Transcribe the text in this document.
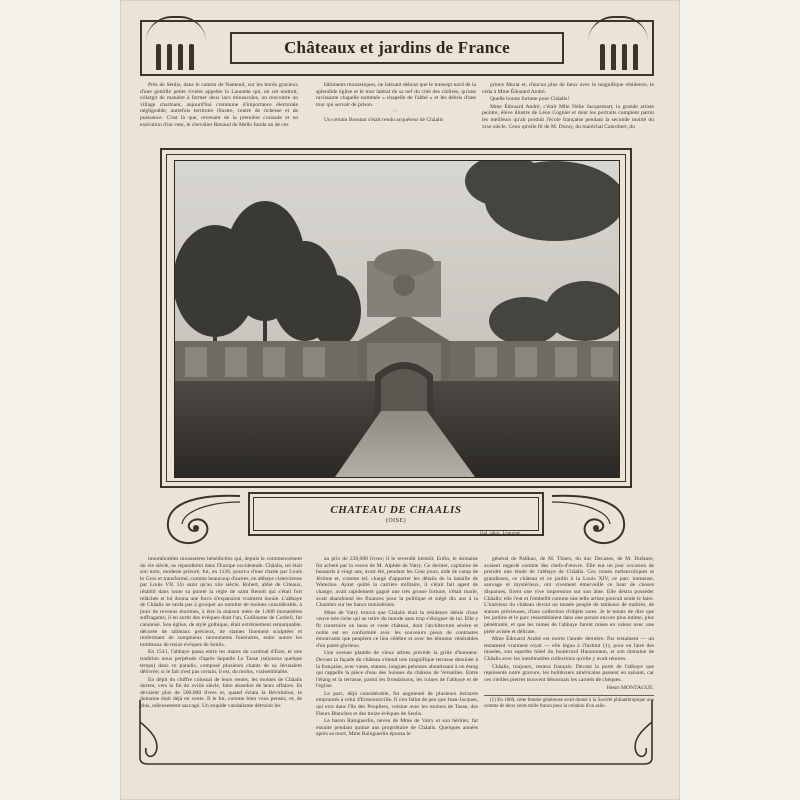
Châteaux et jardins de France

Près de Senlis, dans le canton de Nanteuil, sur les bords gracieux d'une gentille petite rivière appelée la Launette qui, en cet endroit, s'élargit de manière à former deux lacs minuscules, on rencontre un village charmant, aujourd'hui commune d'importance électorale négligeable, autrefois territoire illustre, centre de richesse et de puissance. C'est là que, revenant de la première croisade et en exécution d'un vœu, le chevalier Renaud de Mello fonda un de ces

bâtiments monastiques, ne laissant debout que le transept nord de la splendide église et le mur latéral de sa nef du côté des cloîtres, qu'une ravissante chapelle nommée « chapelle de l'abbé » et les débris d'une tour qui servait de prison.

∴

Un certain Bosstan s'était rendu acquéreur de Châalis

prince Murat et, d'aucun plus de lieux avec le magnifique résidence, le céda à Mme Édouard André.

Quelle bonne fortune pour Châalis!

Mme Édouard André, c'était Mlle Nélie Jacquemart, la grande artiste peintre, élève illustre de Léon Cogniet et dont les portraits comptent parmi les meilleurs qu'ait produit l'école française pendant la seconde moitié du xixe siècle. Ceux qu'elle fit de M. Duruy, du maréchal Canrobert, du

CHATEAU DE CHAALIS
(OISE)
Gal. phot. Lemoine.

innombrables monastères bénédictins qui, depuis le commencement du vie siècle, se répandirent dans l'Europe occidentale. Châalis, tel était son nom, modeste prieuré, fut, en 1136, pourvu d'une charte par Louis le Gros et transformé, comme beaucoup d'autres, en abbaye cistercienne par Louis VII. Un saint qu'au xiie siècle, Robert, abbé de Citeaux, rétablit dans toute sa pureté la règle de saint Benoît qui s'était fort relâchée et lui donna une force d'expansion vraiment inouïe. L'abbaye de Châalis ne tarda pas à grouper un nombre de moines considérable, à jouir de revenus énormes, à être la maison mère de 1.800 monastères suffragants; il en sortit des évêques dont l'un, Guillaume de Corbeil, fut canonisé. Son église, de style gothique, était extrêmement remarquable, décorée de tableaux précieux, de statues finement sculptées et renfermant de somptueux monuments funéraires, entre autres les tombeaux de treize évêques de Senlis.

En 1541, l'abbaye passa entre les mains du cardinal d'Este, et une tradition nous perpétuée d'après laquelle Le Tasse (séjourna quelque temps) dans ce paradis, composé plusieurs chants de sa Jérusalem délivrée; si le fait n'est pas certain, il est, du moins, vraisemblable.

En dépit du chiffre colossal de leurs rentes, les moines de Châalis durent, vers la fin du xviiie siècle, faire abandon de leurs affaires. Ils devaient plus de 500.000 livres et, quand éclata la Révolution, le domaine était déjà en vente. Il le fut, comme bien vous pensez, et, de plus, odieusement saccagé. Un stupide vandalisme détruisit les

au prix de 220,000 livres; il le revendit bientôt. Enfin, le domaine fut acheté par la veuve de M. Alphée de Vatry. Ce dernier, capitaine de hussards à vingt ans, avait été, pendant les Cent jours, aide de camp de Jérôme et, comme tel, chargé d'apporter les détails de la bataille de Waterloo. Ayant quitté la carrière militaire, il s'était fait agent de change, avait rapidement gagné une très grosse fortune, s'était marié, avait abandonné les finances pour la politique et siégé dix ans à la Chambre sur les bancs ministériels.

Mme de Vatry trouva que Châalis était la résidence idéale d'une veuve très riche qui se retire du monde sans trop s'éloigner de lui. Elle y fit construire un beau et vaste château, dont l'architecture sévère et noble est en conformité avec les souvenirs pieux de contrastes émouvants que peuplent ce lieu célèbre et avec les témoins vénérables d'un passé glorieux.

Une avenue plantée de vieux arbres précède la grille d'honneur. Devant la façade du château s'étend une magnifique terrasse dessinée à la française, avec vases, statues, longues pelouses aboutissant à un étang qui rappelle la pièce d'eau des Suisses du château de Versailles. Entre l'étang et la terrasse, parmi les frondaisons, les ruines de l'abbaye et de l'église.

Le parc, déjà considérable, fut augmenté de plusieurs hectares empruntés à celui d'Ermenonville. Il s'en fallut de peu que Jean-Jacques, qui erra dans l'île des Peupliers, voisine avec les moines de Tasse, des Fleurs Blanches et des treize évêques de Senlis.

Le baron Rainguerlin, neveu de Mme de Vatry et son héritier, fut ensuite pendant quinze ans propriétaire de Châalis. Quelques années après sa mort, Mme Rainguerlin épousa le

général de Palikao, de M. Thiers, du duc Decazes, de M. Dufaure, avaient regardé comme des chefs-d'œuvre. Elle eut un jour occasion de prendre une étude de l'abbaye de Châalis. Ces ruines mélancoliques et grandioses, ce château et ce jardin à la Louis XIV, ce parc immense, sauvage et mystérieux, ont vivement émerveillé ce haut de choses disparues, firent une vive impression sur son âme. Elle désira posséder Châalis; elle l'eut et l'embellit comme une telle artiste pouvait seule le faire. L'intérieur du château devint un musée peuplé de tableaux de maîtres, de statues précieuses, d'une collection d'objets rares. Je le tenais de dire que les jardins et le parc ressemblaient dans une parure encore plus intime, plus pénétrante, et que les ruines de l'abbaye furent mises en valeur avec une piété avisée et délicate.

Mme Édouard André est morte l'année dernière. Par testament — un testament vraiment royal — elle légua à l'Institut (1), pour en faire des musées, son superbe hôtel du boulevard Haussmann, et son domaine de Châalis avec les inestimables collections qu'elle y avait réunies.

Châalis, toujours, restera français. Devant la porte de l'abbaye que représente notre gravure, les bulldozers américains passent en saluant, car ces vieilles pierres trouvent désormais les carnets de chèques.

Henri MONTAGUE.

(1) En 1860, cette femme généreuse avait donné à la Société philanthropique une somme de deux cents mille francs pour la création d'un asile.
